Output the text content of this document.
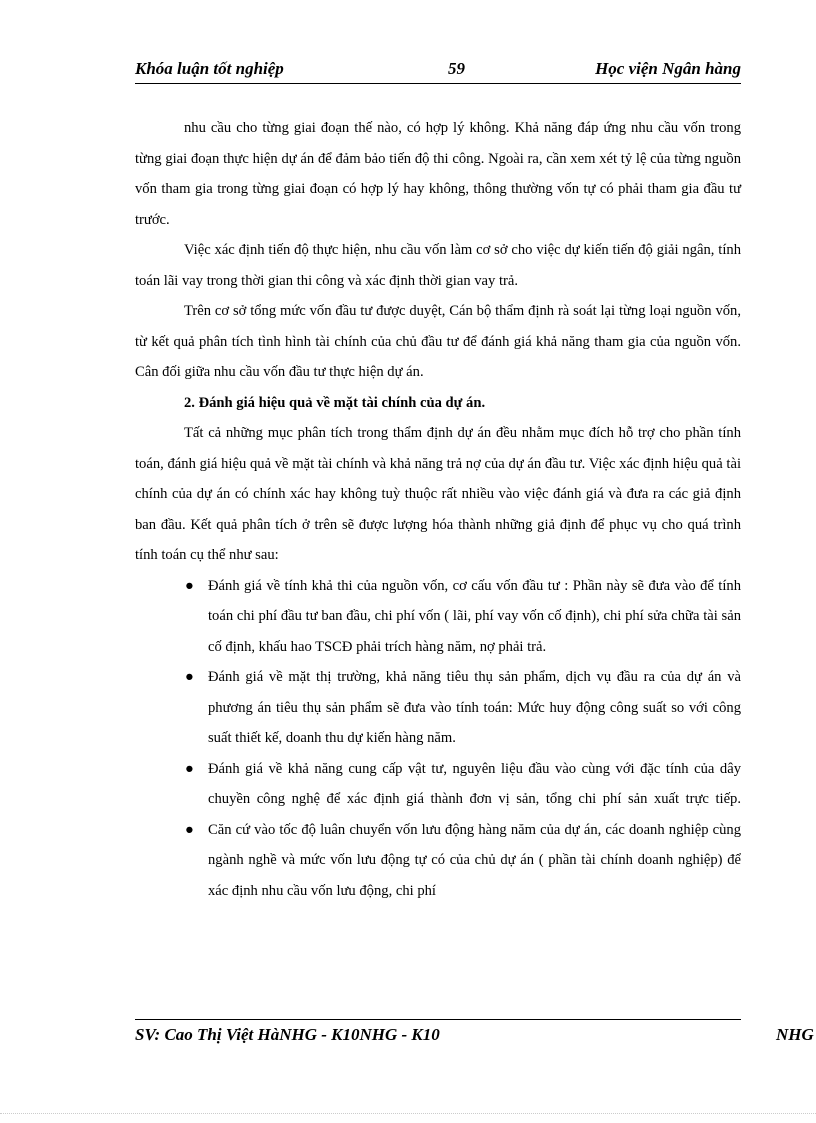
Khóa luận tốt nghiệp	59	Học viện Ngân hàng

nhu cầu cho từng giai đoạn thế nào, có hợp lý không. Khả năng đáp ứng nhu cầu vốn trong từng giai đoạn thực hiện dự án để đảm bảo tiến độ thi công. Ngoài ra, cần xem xét tỷ lệ của từng nguồn vốn tham gia trong từng giai đoạn có hợp lý hay không, thông thường vốn tự có phải tham gia đầu tư trước.

Việc xác định tiến độ thực hiện, nhu cầu vốn làm cơ sở cho việc dự kiến tiến độ giải ngân, tính toán lãi vay trong thời gian thi công và xác định thời gian vay trả.

Trên cơ sở tổng mức vốn đầu tư được duyệt, Cán bộ thẩm định rà soát lại từng loại nguồn vốn, từ kết quả phân tích tình hình tài chính của chủ đầu tư để đánh giá khả năng tham gia của nguồn vốn. Cân đối giữa nhu cầu vốn đầu tư thực hiện dự án.

2. Đánh giá hiệu quả về mặt tài chính của dự án.

Tất cả những mục phân tích trong thẩm định dự án đều nhằm mục đích hỗ trợ cho phần tính toán, đánh giá hiệu quả về mặt tài chính và khả năng trả nợ của dự án đầu tư. Việc xác định hiệu quả tài chính của dự án có chính xác hay không tuỳ thuộc rất nhiều vào việc đánh giá và đưa ra các giả định ban đầu. Kết quả phân tích ở trên sẽ được lượng hóa thành những giả định để phục vụ cho quá trình tính toán cụ thể như sau:

● Đánh giá về tính khả thi của nguồn vốn, cơ cấu vốn đầu tư : Phần này sẽ đưa vào để tính toán chi phí đầu tư ban đầu, chi phí vốn ( lãi, phí vay vốn cố định), chi phí sửa chữa tài sản cố định, khấu hao TSCĐ phải trích hàng năm, nợ phải trả.
● Đánh giá về mặt thị trường, khả năng tiêu thụ sản phẩm, dịch vụ đầu ra của dự án và phương án tiêu thụ sản phẩm sẽ đưa vào tính toán: Mức huy động công suất so với công suất thiết kế, doanh thu dự kiến hàng năm.
● Đánh giá về khả năng cung cấp vật tư, nguyên liệu đầu vào cùng với đặc tính của dây chuyền công nghệ để xác định giá thành đơn vị sản, tổng chi phí sản xuất trực tiếp.
● Căn cứ vào tốc độ luân chuyển vốn lưu động hàng năm của dự án, các doanh nghiệp cùng ngành nghề và mức vốn lưu động tự có của chủ dự án ( phần tài chính doanh nghiệp) để xác định nhu cầu vốn lưu động, chi phí
SV: Cao Thị Việt HàNHG - K10NHG - K10	NHG
